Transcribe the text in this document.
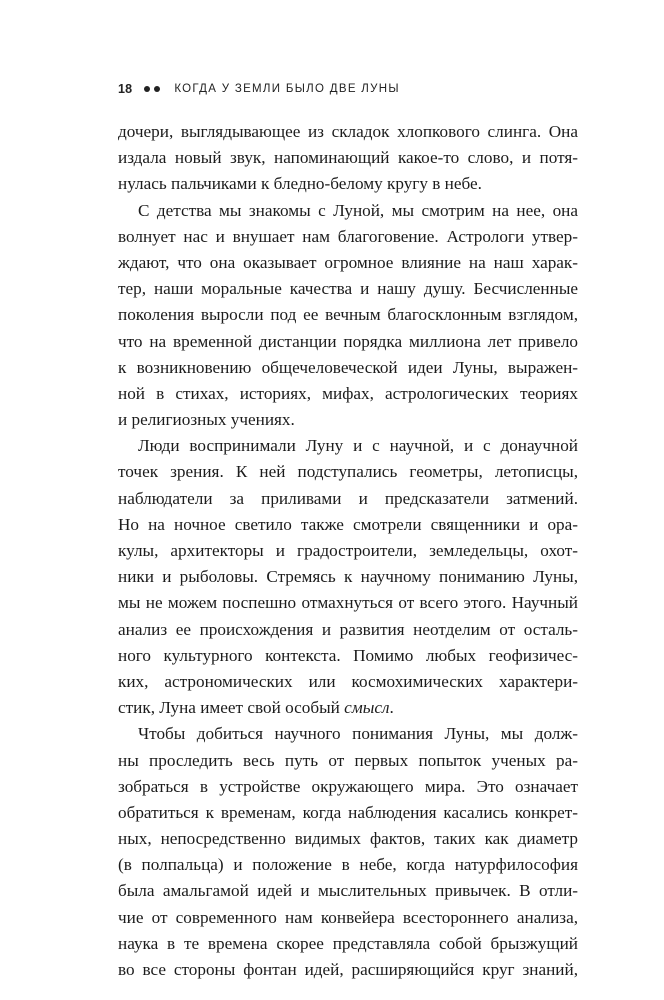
18	КОГДА У ЗЕМЛИ БЫЛО ДВЕ ЛУНЫ
дочери, выглядывающее из складок хлопкового слинга. Она
издала новый звук, напоминающий какое-то слово, и потя-
нулась пальчиками к бледно-белому кругу в небе.
С детства мы знакомы с Луной, мы смотрим на нее, она
волнует нас и внушает нам благоговение. Астрологи утвер-
ждают, что она оказывает огромное влияние на наш харак-
тер, наши моральные качества и нашу душу. Бесчисленные
поколения выросли под ее вечным благосклонным взглядом,
что на временной дистанции порядка миллиона лет привело
к возникновению общечеловеческой идеи Луны, выражен-
ной в стихах, историях, мифах, астрологических теориях
и религиозных учениях.
Люди воспринимали Луну и с научной, и с донаучной
точек зрения. К ней подступались геометры, летописцы,
наблюдатели за приливами и предсказатели затмений.
Но на ночное светило также смотрели священники и ора-
кулы, архитекторы и градостроители, земледельцы, охот-
ники и рыболовы. Стремясь к научному пониманию Луны,
мы не можем поспешно отмахнуться от всего этого. Научный
анализ ее происхождения и развития неотделим от осталь-
ного культурного контекста. Помимо любых геофизичес-
ких, астрономических или космохимических характери-
стик, Луна имеет свой особый смысл.
Чтобы добиться научного понимания Луны, мы долж-
ны проследить весь путь от первых попыток ученых ра-
зобраться в устройстве окружающего мира. Это означает
обратиться к временам, когда наблюдения касались конкрет-
ных, непосредственно видимых фактов, таких как диаметр
(в полпальца) и положение в небе, когда натурфилософия
была амальгамой идей и мыслительных привычек. В отли-
чие от современного нам конвейера всестороннего анализа,
наука в те времена скорее представляла собой брызжущий
во все стороны фонтан идей, расширяющийся круг знаний,
